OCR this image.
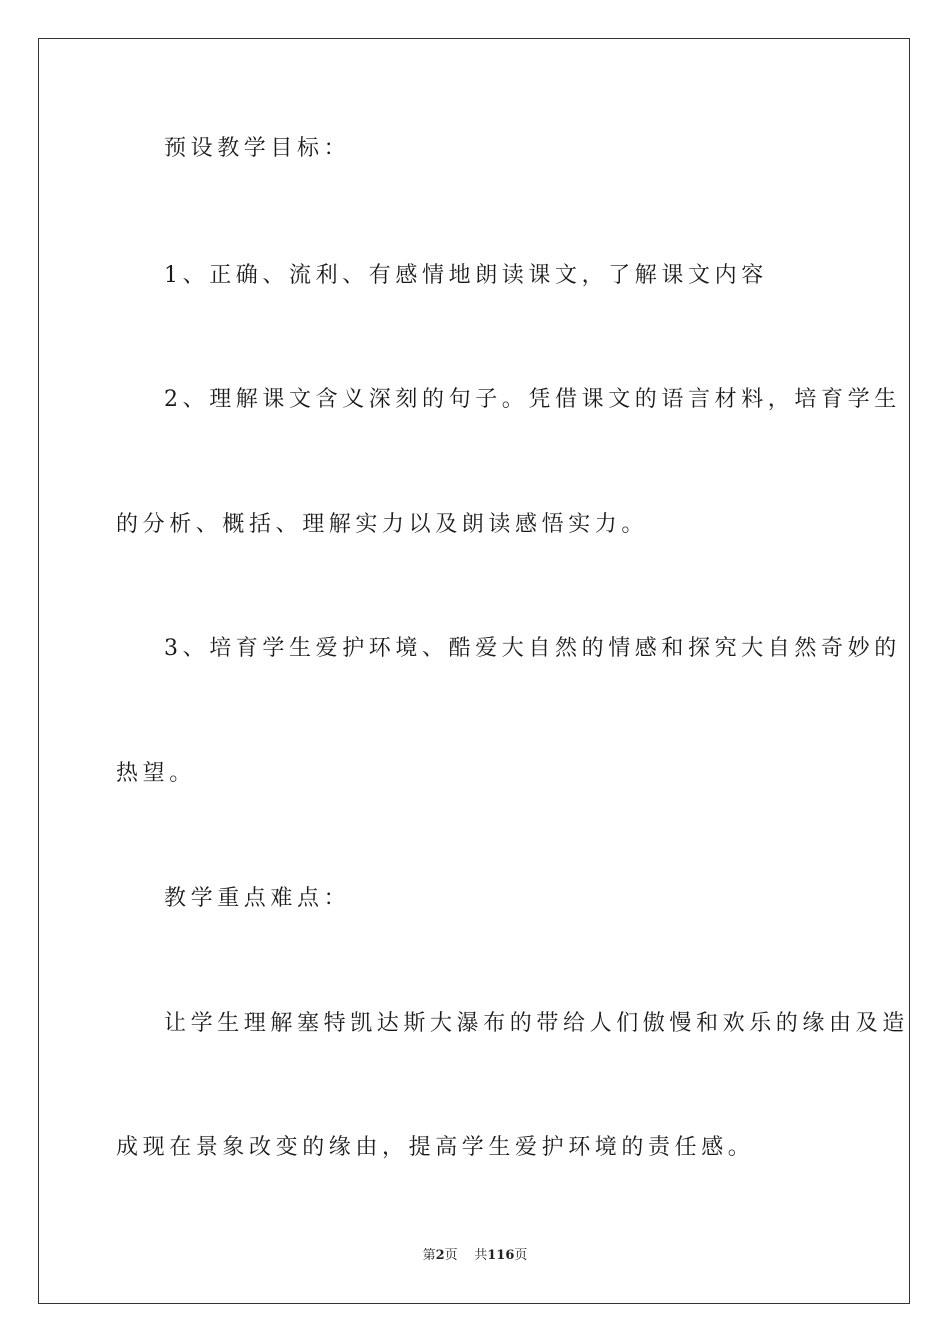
预设教学目标：
1、正确、流利、有感情地朗读课文，了解课文内容
2、理解课文含义深刻的句子。凭借课文的语言材料，培育学生
的分析、概括、理解实力以及朗读感悟实力。
3、培育学生爱护环境、酷爱大自然的情感和探究大自然奇妙的
热望。
教学重点难点：
让学生理解塞特凯达斯大瀑布的带给人们傲慢和欢乐的缘由及造
成现在景象改变的缘由，提高学生爱护环境的责任感。
第2页 共116页
